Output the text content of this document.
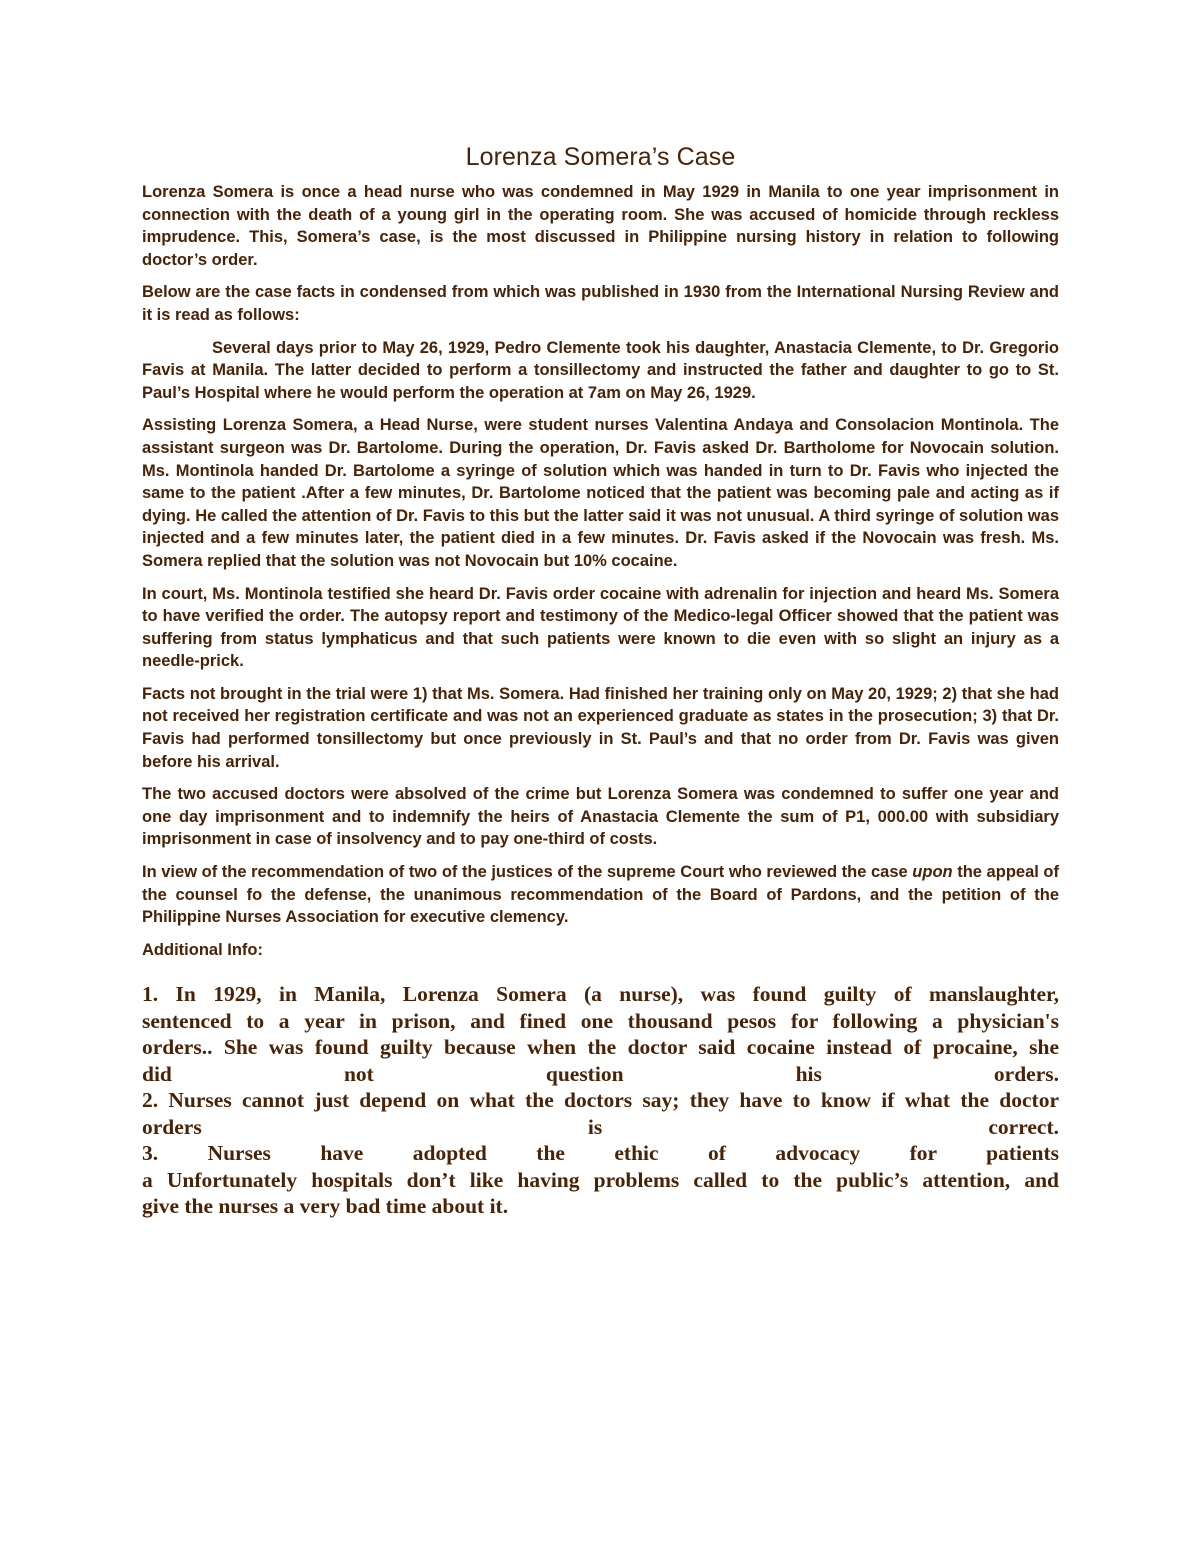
Lorenza Somera’s Case

Lorenza Somera is once a head nurse who was condemned in May 1929 in Manila to one year imprisonment in connection with the death of a young girl in the operating room. She was accused of homicide through reckless imprudence. This, Somera’s case, is the most discussed in Philippine nursing history in relation to following doctor’s order.

Below are the case facts in condensed from which was published in 1930 from the International Nursing Review and it is read as follows:

Several days prior to May 26, 1929, Pedro Clemente took his daughter, Anastacia Clemente, to Dr. Gregorio Favis at Manila. The latter decided to perform a tonsillectomy and instructed the father and daughter to go to St. Paul’s Hospital where he would perform the operation at 7am on May 26, 1929.

Assisting Lorenza Somera, a Head Nurse, were student nurses Valentina Andaya and Consolacion Montinola. The assistant surgeon was Dr. Bartolome. During the operation, Dr. Favis asked Dr. Bartholome for Novocain solution. Ms. Montinola handed Dr. Bartolome a syringe of solution which was handed in turn to Dr. Favis who injected the same to the patient .After a few minutes, Dr. Bartolome noticed that the patient was becoming pale and acting as if dying. He called the attention of Dr. Favis to this but the latter said it was not unusual. A third syringe of solution was injected and a few minutes later, the patient died in a few minutes. Dr. Favis asked if the Novocain was fresh. Ms. Somera replied that the solution was not Novocain but 10% cocaine.

In court, Ms. Montinola testified she heard Dr. Favis order cocaine with adrenalin for injection and heard Ms. Somera to have verified the order. The autopsy report and testimony of the Medico-legal Officer showed that the patient was suffering from status lymphaticus and that such patients were known to die even with so slight an injury as a needle-prick.

Facts not brought in the trial were 1) that Ms. Somera. Had finished her training only on May 20, 1929; 2) that she had not received her registration certificate and was not an experienced graduate as states in the prosecution; 3) that Dr. Favis had performed tonsillectomy but once previously in St. Paul’s and that no order from Dr. Favis was given before his arrival.

The two accused doctors were absolved of the crime but Lorenza Somera was condemned to suffer one year and one day imprisonment and to indemnify the heirs of Anastacia Clemente the sum of P1, 000.00 with subsidiary imprisonment in case of insolvency and to pay one-third of costs.

In view of the recommendation of two of the justices of the supreme Court who reviewed the case upon the appeal of the counsel fo the defense, the unanimous recommendation of the Board of Pardons, and the petition of the Philippine Nurses Association for executive clemency.

Additional Info:

1. In 1929, in Manila, Lorenza Somera (a nurse), was found guilty of manslaughter,
sentenced to a year in prison, and fined one thousand pesos for following a physician's
orders.. She was found guilty because when the doctor said cocaine instead of procaine, she
did not question his orders.
2. Nurses cannot just depend on what the doctors say; they have to know if what the doctor
orders is correct.
3. Nurses have adopted the ethic of advocacy for patients
a Unfortunately hospitals don’t like having problems called to the public’s attention, and
give the nurses a very bad time about it.
